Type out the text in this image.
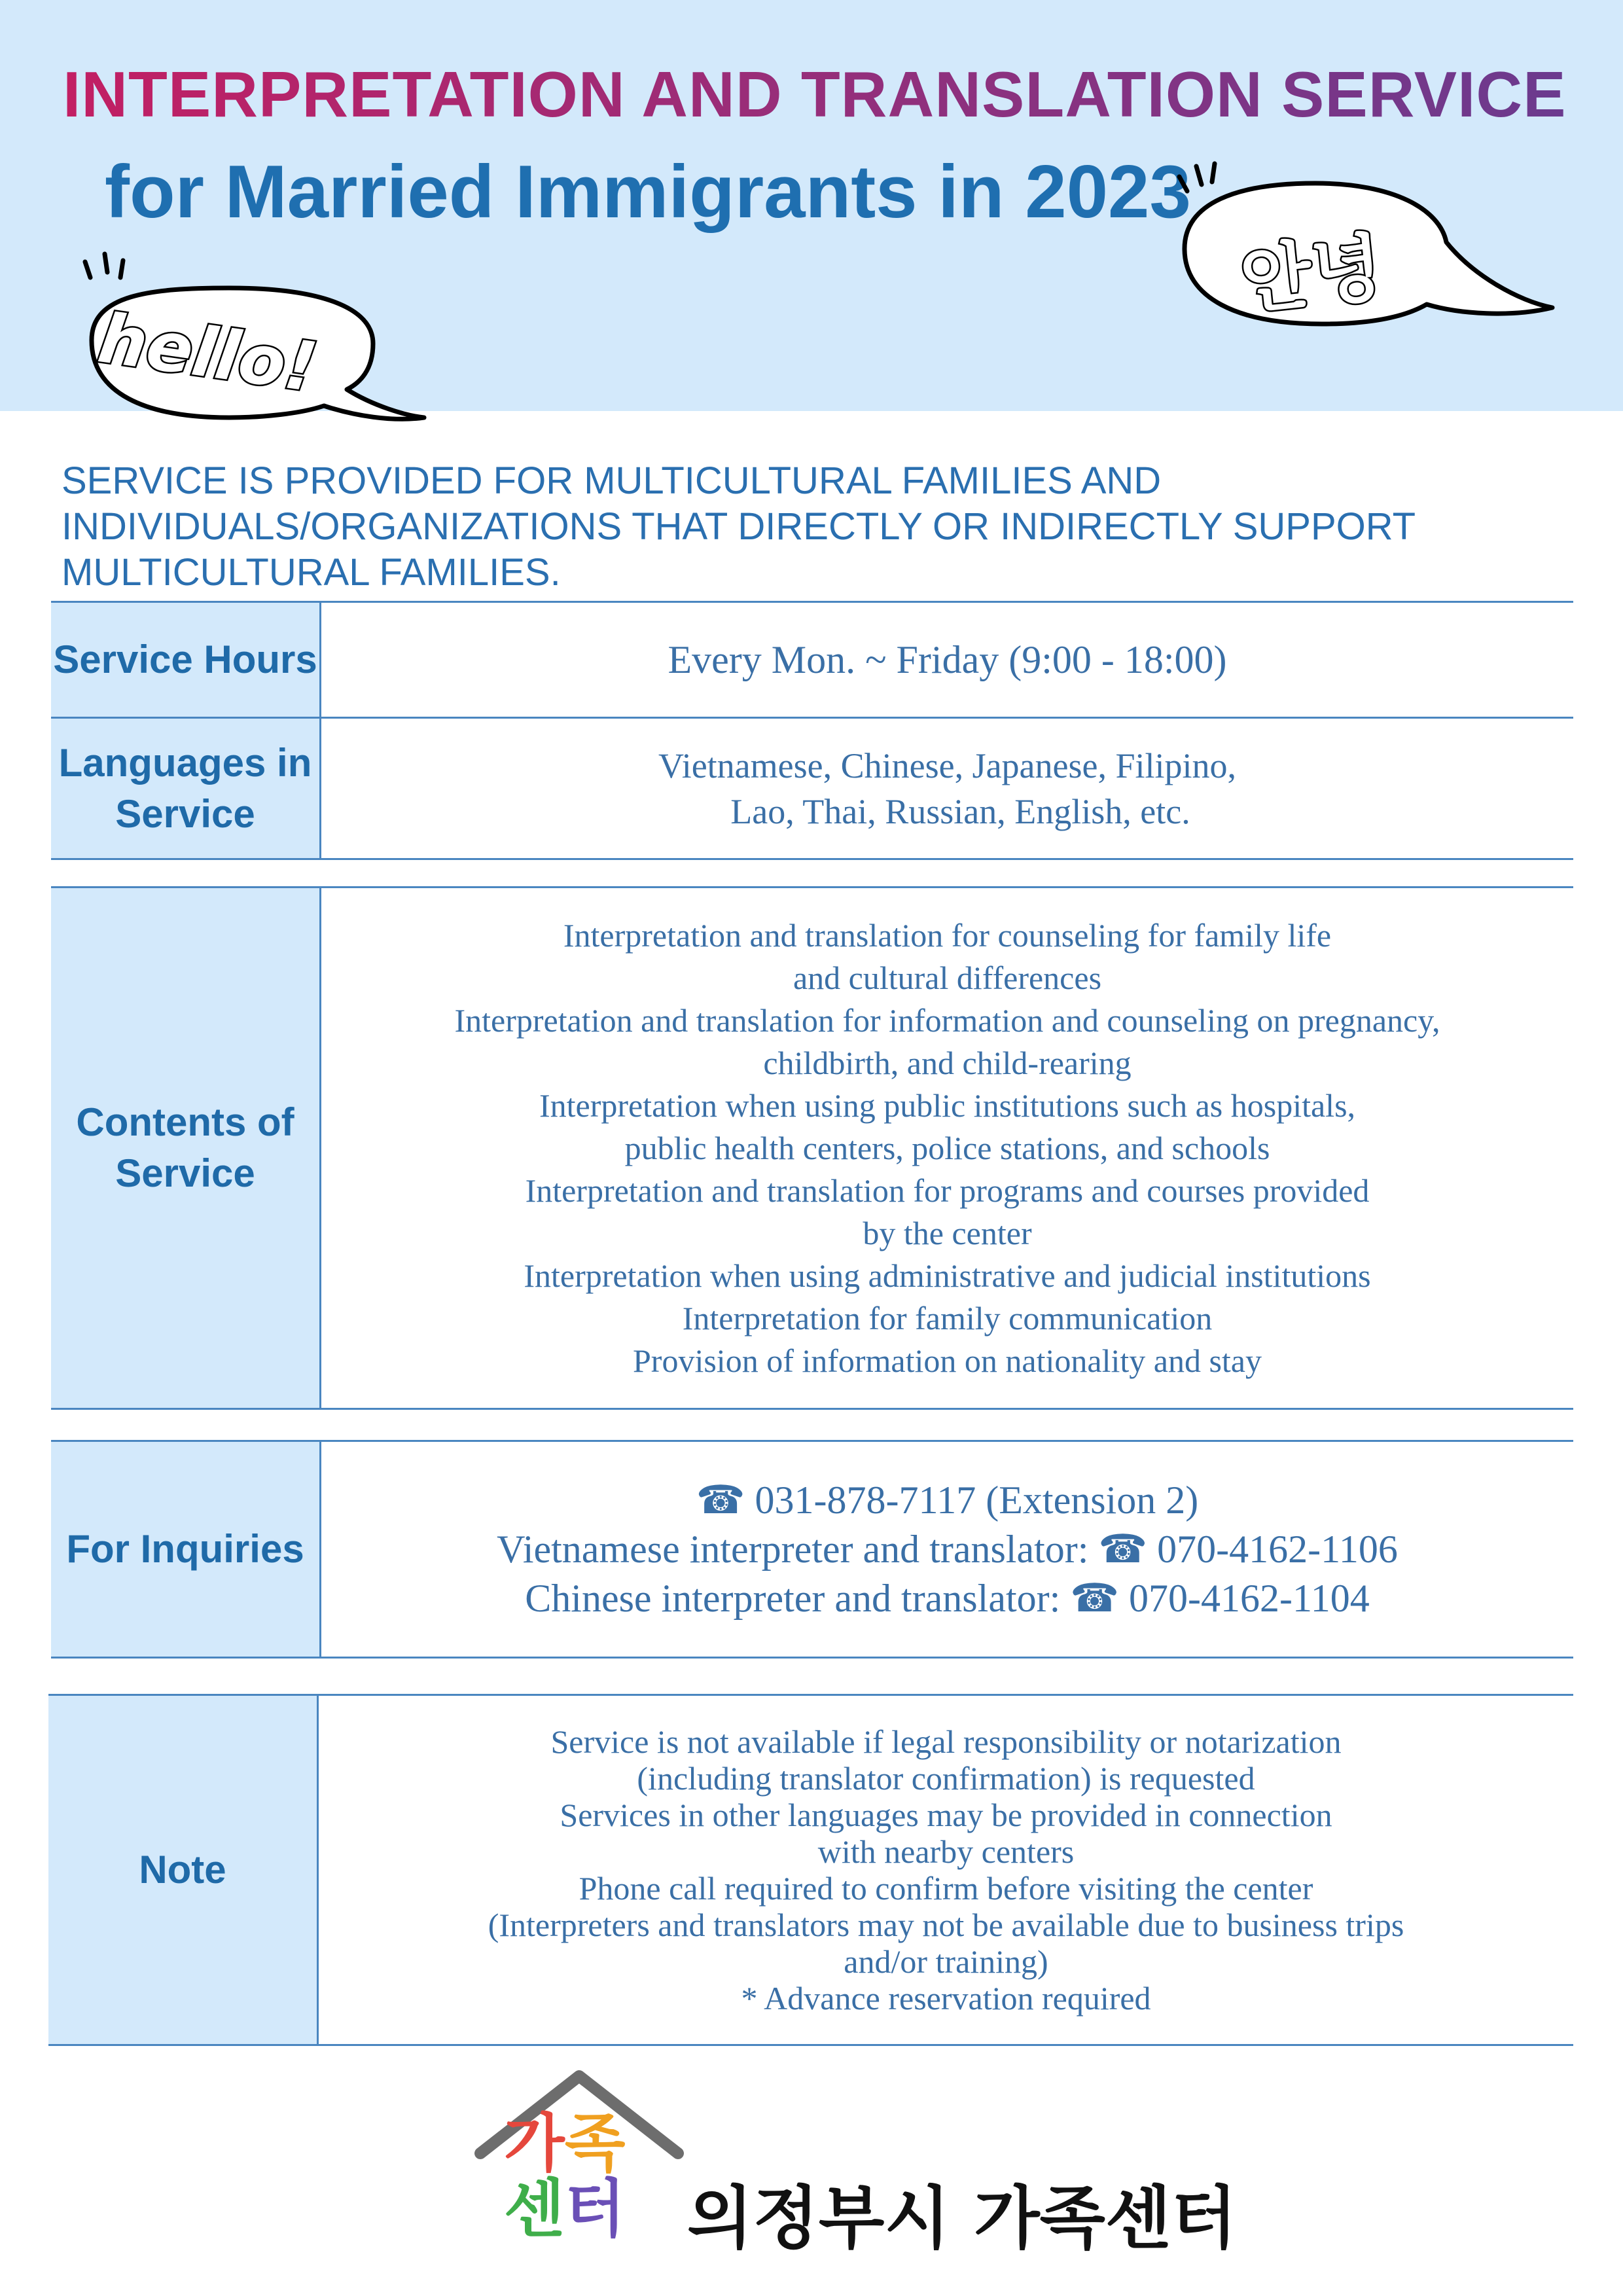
INTERPRETATION AND TRANSLATION SERVICE
for Married Immigrants in 2023
hello!
안녕
SERVICE IS PROVIDED FOR MULTICULTURAL FAMILIES AND INDIVIDUALS/ORGANIZATIONS THAT DIRECTLY OR INDIRECTLY SUPPORT MULTICULTURAL FAMILIES.
Service Hours	Every Mon. ~ Friday (9:00 - 18:00)
Languages in
Service
Vietnamese, Chinese, Japanese, Filipino,
Lao, Thai, Russian, English, etc.
Contents of
Service
Interpretation and translation for counseling for family life
and cultural differences
Interpretation and translation for information and counseling on pregnancy,
childbirth, and child-rearing
Interpretation when using public institutions such as hospitals,
public health centers, police stations, and schools
Interpretation and translation for programs and courses provided
by the center
Interpretation when using administrative and judicial institutions
Interpretation for family communication
Provision of information on nationality and stay
For Inquiries
☎ 031-878-7117 (Extension 2)
Vietnamese interpreter and translator: ☎ 070-4162-1106
Chinese interpreter and translator: ☎ 070-4162-1104
Note
Service is not available if legal responsibility or notarization
(including translator confirmation) is requested
Services in other languages may be provided in connection
with nearby centers
Phone call required to confirm before visiting the center
(Interpreters and translators may not be available due to business trips
and/or training)
* Advance reservation required
가족
센터 의정부시 가족센터
